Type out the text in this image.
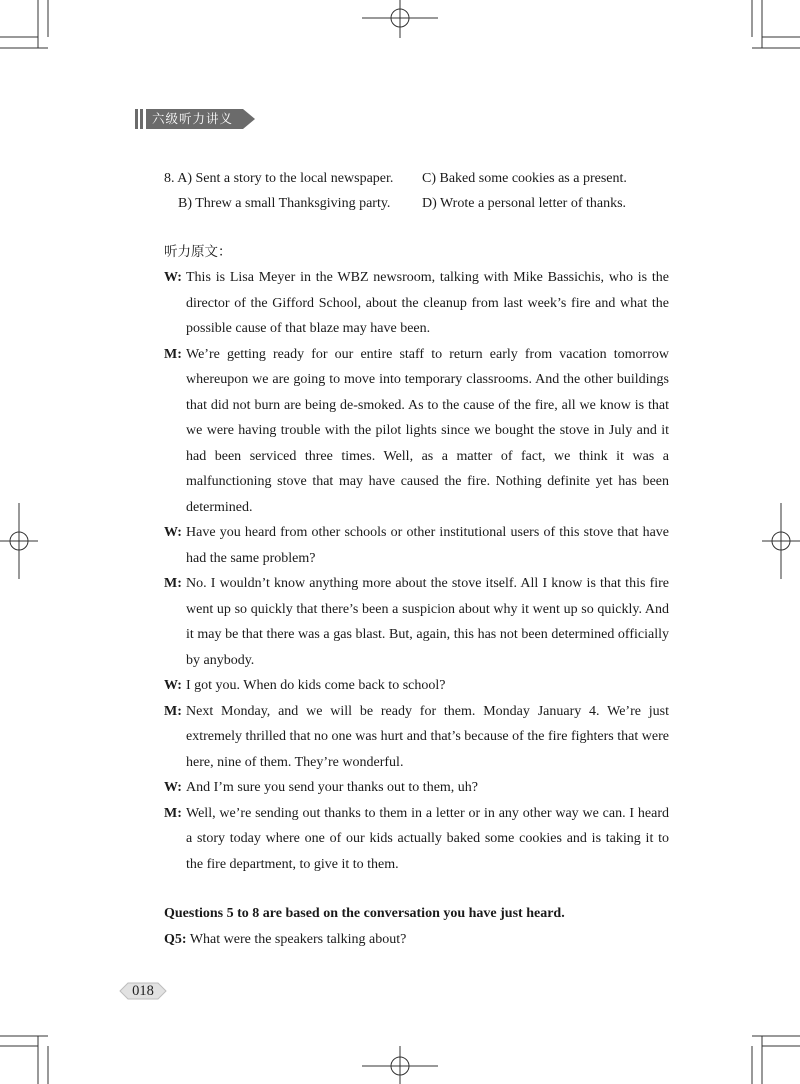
六级听力讲义
8. A) Sent a story to the local newspaper. C) Baked some cookies as a present.
B) Threw a small Thanksgiving party. D) Wrote a personal letter of thanks.
听力原文：
W: This is Lisa Meyer in the WBZ newsroom, talking with Mike Bassichis, who is the director of the Gifford School, about the cleanup from last week’s fire and what the possible cause of that blaze may have been.
M: We’re getting ready for our entire staff to return early from vacation tomorrow whereupon we are going to move into temporary classrooms. And the other buildings that did not burn are being de-smoked. As to the cause of the fire, all we know is that we were having trouble with the pilot lights since we bought the stove in July and it had been serviced three times. Well, as a matter of fact, we think it was a malfunctioning stove that may have caused the fire. Nothing definite yet has been determined.
W: Have you heard from other schools or other institutional users of this stove that have had the same problem?
M: No. I wouldn’t know anything more about the stove itself. All I know is that this fire went up so quickly that there’s been a suspicion about why it went up so quickly. And it may be that there was a gas blast. But, again, this has not been determined officially by anybody.
W: I got you. When do kids come back to school?
M: Next Monday, and we will be ready for them. Monday January 4. We’re just extremely thrilled that no one was hurt and that’s because of the fire fighters that were here, nine of them. They’re wonderful.
W: And I’m sure you send your thanks out to them, uh?
M: Well, we’re sending out thanks to them in a letter or in any other way we can. I heard a story today where one of our kids actually baked some cookies and is taking it to the fire department, to give it to them.
Questions 5 to 8 are based on the conversation you have just heard.
Q5: What were the speakers talking about?
018
